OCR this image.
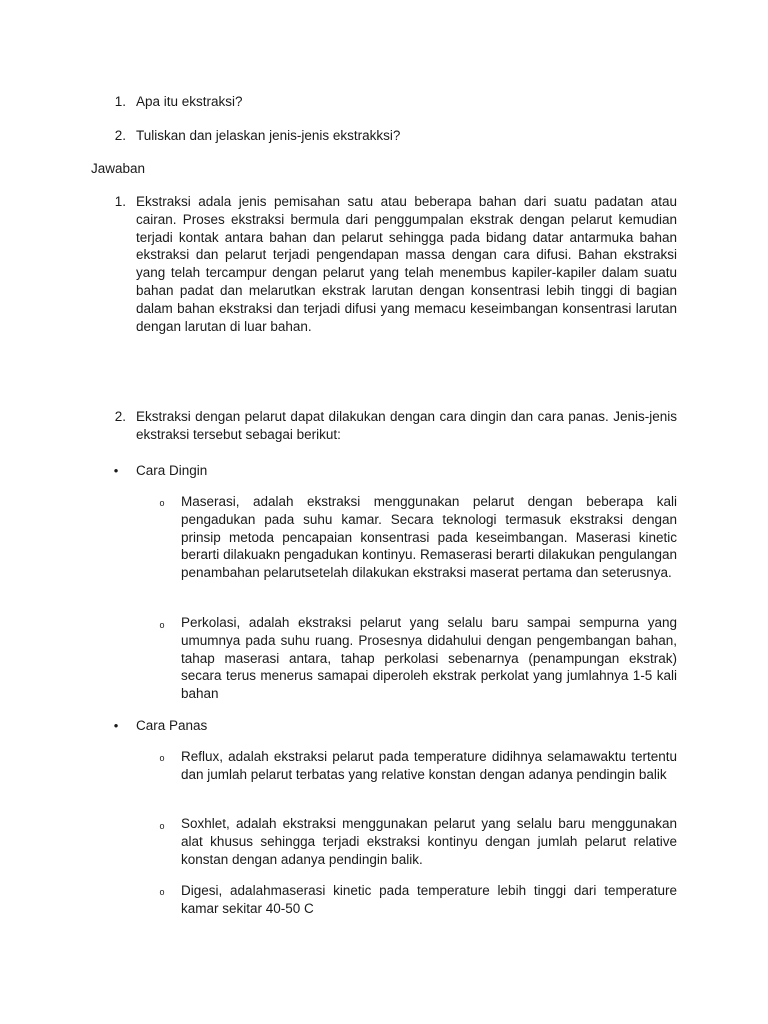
1. Apa itu ekstraksi?
2. Tuliskan dan jelaskan jenis-jenis ekstrakksi?
Jawaban
1. Ekstraksi adala jenis pemisahan satu atau beberapa bahan dari suatu padatan atau cairan. Proses ekstraksi bermula dari penggumpalan ekstrak dengan pelarut kemudian terjadi kontak antara bahan dan pelarut sehingga pada bidang datar antarmuka bahan ekstraksi dan pelarut terjadi pengendapan massa dengan cara difusi. Bahan ekstraksi yang telah tercampur dengan pelarut yang telah menembus kapiler-kapiler dalam suatu bahan padat dan melarutkan ekstrak larutan dengan konsentrasi lebih tinggi di bagian dalam bahan ekstraksi dan terjadi difusi yang memacu keseimbangan konsentrasi larutan dengan larutan di luar bahan.
2. Ekstraksi dengan pelarut dapat dilakukan dengan cara dingin dan cara panas. Jenis-jenis ekstraksi tersebut sebagai berikut:
• Cara Dingin
o Maserasi, adalah ekstraksi menggunakan pelarut dengan beberapa kali pengadukan pada suhu kamar. Secara teknologi termasuk ekstraksi dengan prinsip metoda pencapaian konsentrasi pada keseimbangan. Maserasi kinetic berarti dilakuakn pengadukan kontinyu. Remaserasi berarti dilakukan pengulangan penambahan pelarutsetelah dilakukan ekstraksi maserat pertama dan seterusnya.
o Perkolasi, adalah ekstraksi pelarut yang selalu baru sampai sempurna yang umumnya pada suhu ruang. Prosesnya didahului dengan pengembangan bahan, tahap maserasi antara, tahap perkolasi sebenarnya (penampungan ekstrak) secara terus menerus samapai diperoleh ekstrak perkolat yang jumlahnya 1-5 kali bahan
• Cara Panas
o Reflux, adalah ekstraksi pelarut pada temperature didihnya selamawaktu tertentu dan jumlah pelarut terbatas yang relative konstan dengan adanya pendingin balik
o Soxhlet, adalah ekstraksi menggunakan pelarut yang selalu baru menggunakan alat khusus sehingga terjadi ekstraksi kontinyu dengan jumlah pelarut relative konstan dengan adanya pendingin balik.
o Digesi, adalahmaserasi kinetic pada temperature lebih tinggi dari temperature kamar sekitar 40-50 C
